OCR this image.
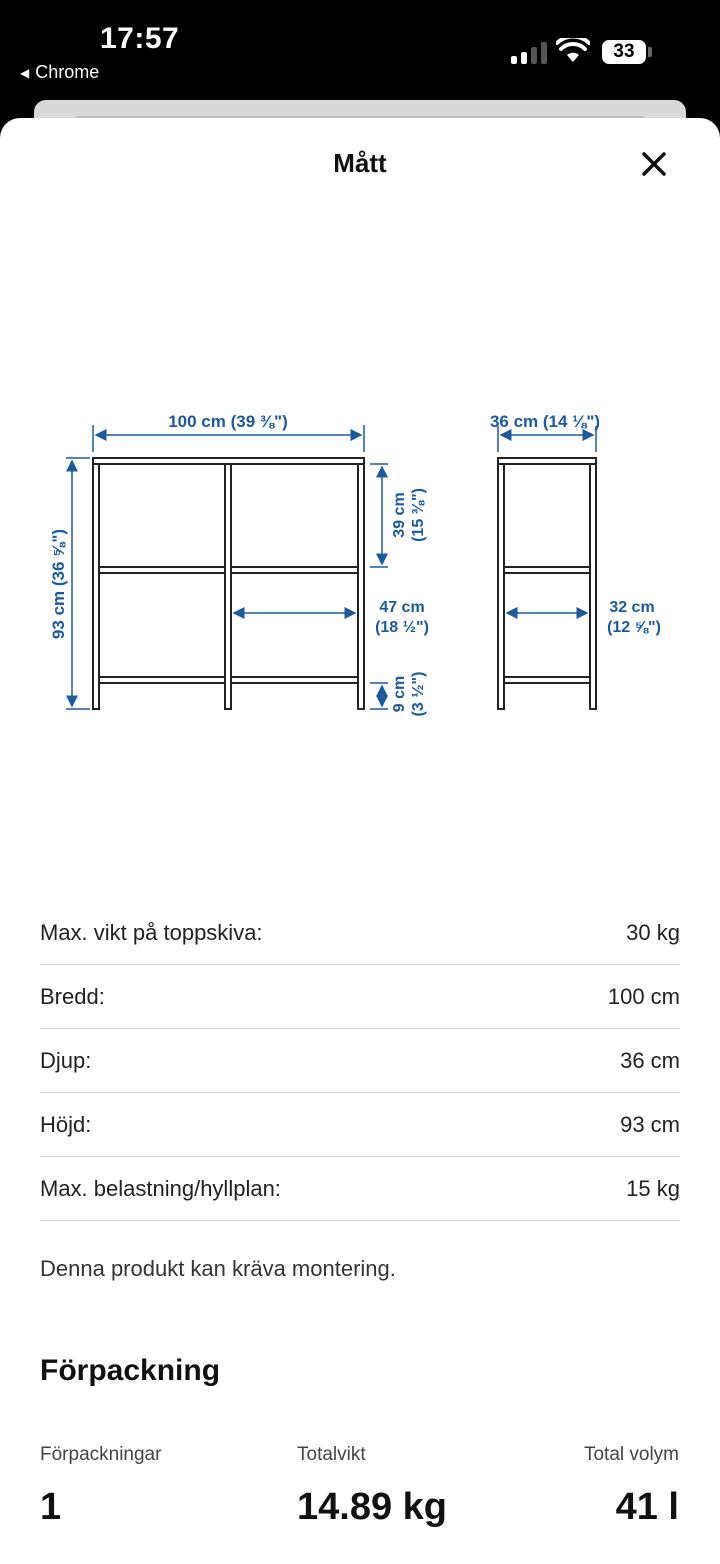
17:57
◀ Chrome
33
Mått
100 cm (39 ⅜")
93 cm (36 ⅝")
39 cm (15 ⅜")
47 cm
(18 ½")
9 cm (3 ½")
36 cm (14 ⅛")
32 cm
(12 ⅝")
Max. vikt på toppskiva:	30 kg
Bredd:	100 cm
Djup:	36 cm
Höjd:	93 cm
Max. belastning/hyllplan:	15 kg
Denna produkt kan kräva montering.
Förpackning
Förpackningar
1
Totalvikt
14.89 kg
Total volym
41 l
